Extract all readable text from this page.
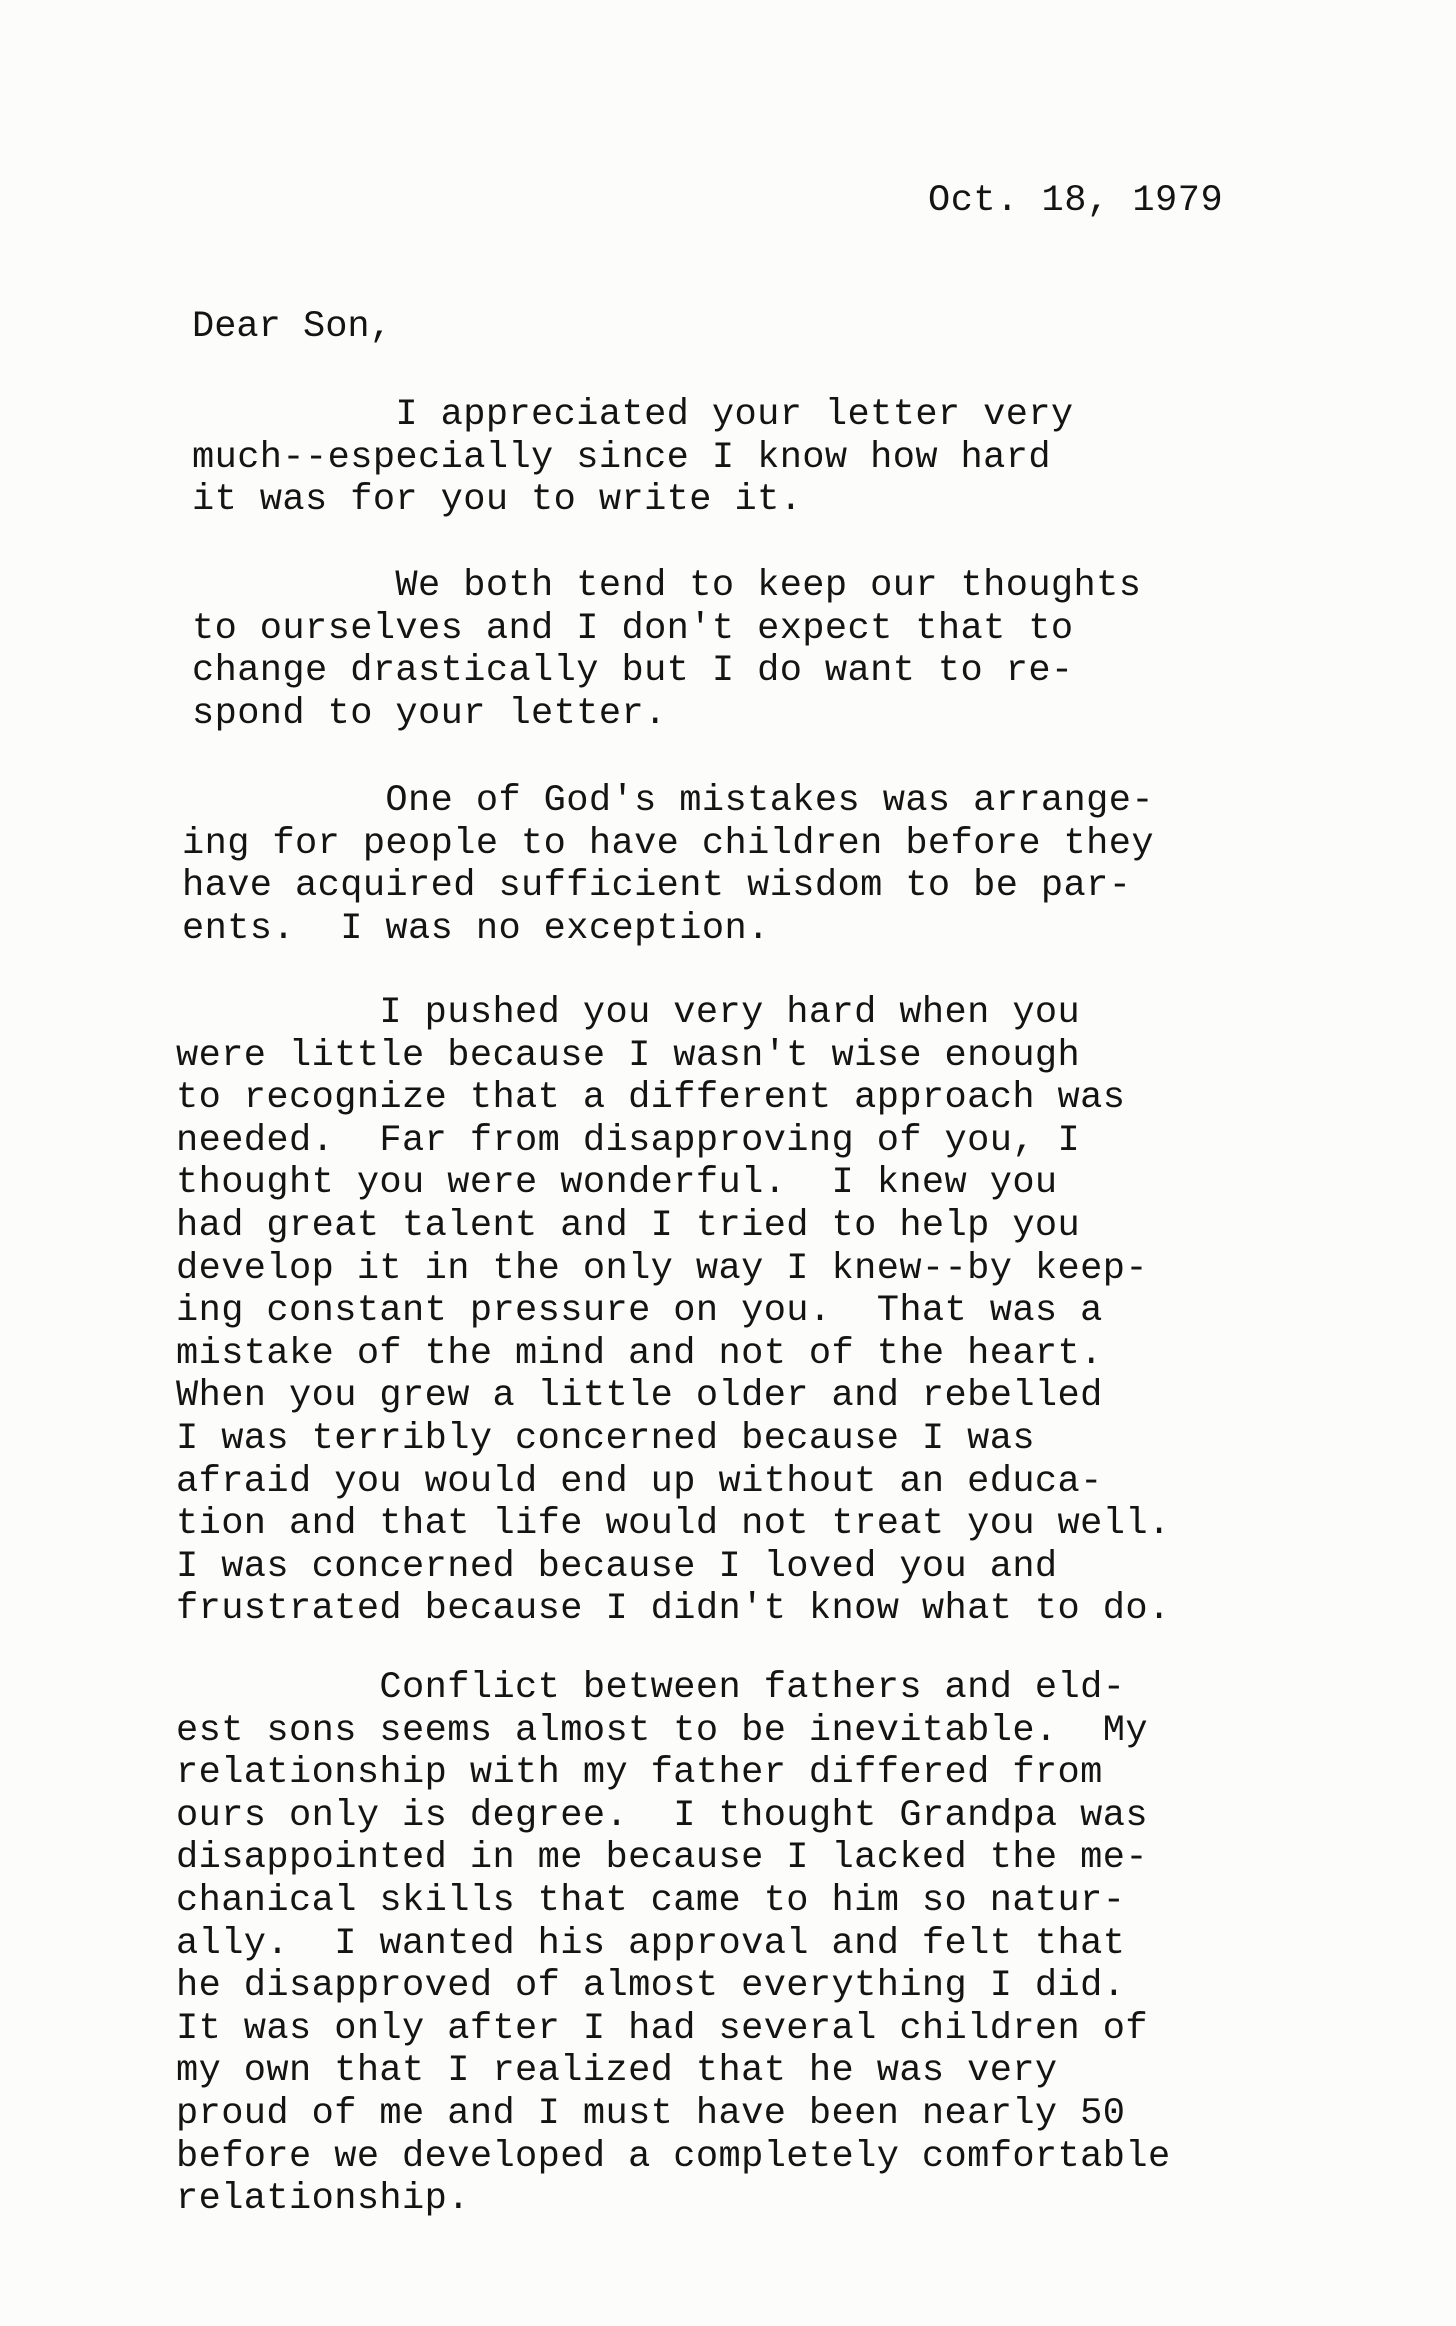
Oct. 18, 1979
Dear Son,
I appreciated your letter very
much--especially since I know how hard
it was for you to write it.
We both tend to keep our thoughts
to ourselves and I don't expect that to
change drastically but I do want to re-
spond to your letter.
One of God's mistakes was arrange-
ing for people to have children before they
have acquired sufficient wisdom to be par-
ents.  I was no exception.
I pushed you very hard when you
were little because I wasn't wise enough
to recognize that a different approach was
needed.  Far from disapproving of you, I
thought you were wonderful.  I knew you
had great talent and I tried to help you
develop it in the only way I knew--by keep-
ing constant pressure on you.  That was a
mistake of the mind and not of the heart.
When you grew a little older and rebelled
I was terribly concerned because I was
afraid you would end up without an educa-
tion and that life would not treat you well.
I was concerned because I loved you and
frustrated because I didn't know what to do.
Conflict between fathers and eld-
est sons seems almost to be inevitable.  My
relationship with my father differed from
ours only is degree.  I thought Grandpa was
disappointed in me because I lacked the me-
chanical skills that came to him so natur-
ally.  I wanted his approval and felt that
he disapproved of almost everything I did.
It was only after I had several children of
my own that I realized that he was very
proud of me and I must have been nearly 50
before we developed a completely comfortable
relationship.
